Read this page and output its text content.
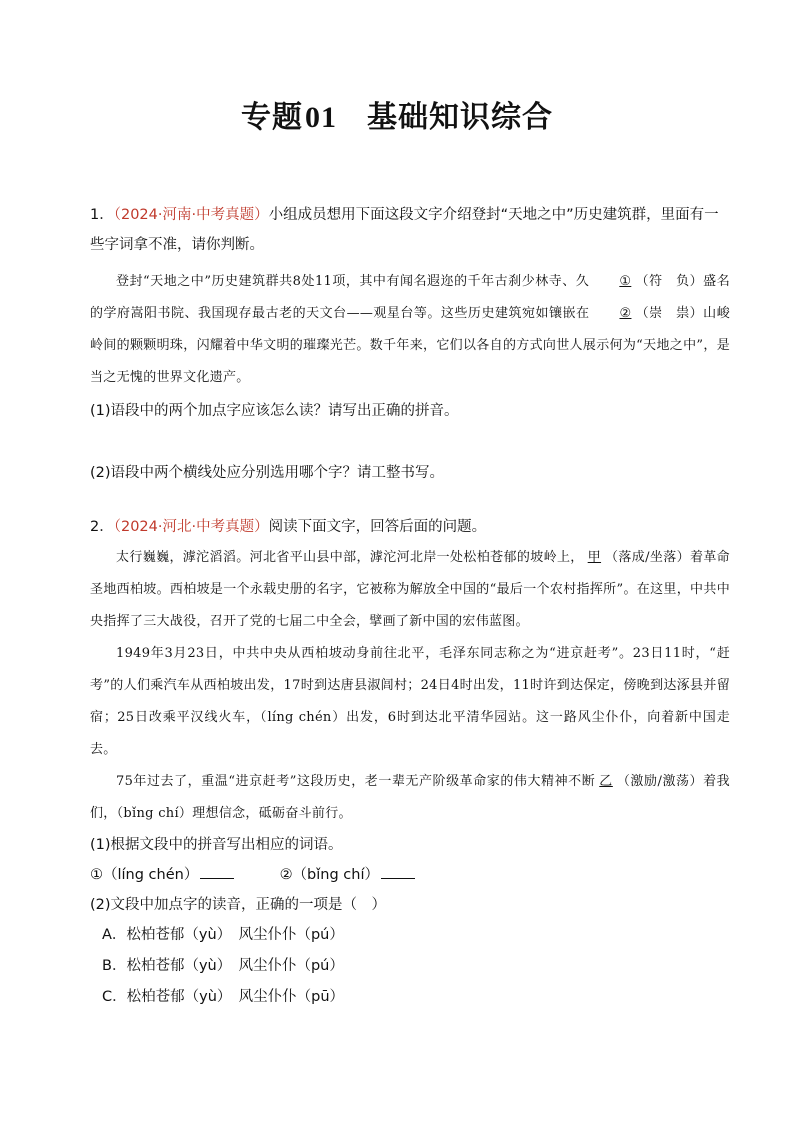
专题01 基础知识综合

1．（2024·河南·中考真题）小组成员想用下面这段文字介绍登封“天地之中”历史建筑群，里面有一些字词拿不准，请你判断。

登封“天地之中”历史建筑群共8处11项，其中有闻名遐迩的千年古刹少林寺、久 ① （符　负）盛名的学府嵩阳书院、我国现存最古老的天文台——观星台等。这些历史建筑宛如镶嵌在 ② （崇　祟）山峻岭间的颗颗明珠，闪耀着中华文明的璀璨光芒。数千年来，它们以各自的方式向世人展示何为“天地之中”，是当之无愧的世界文化遗产。

(1)语段中的两个加点字应该怎么读？请写出正确的拼音。

(2)语段中两个横线处应分别选用哪个字？请工整书写。

2．（2024·河北·中考真题）阅读下面文字，回答后面的问题。

太行巍巍，滹沱滔滔。河北省平山县中部，滹沱河北岸一处松柏苍郁的坡岭上， 甲 （落成/坐落）着革命圣地西柏坡。西柏坡是一个永载史册的名字，它被称为解放全中国的“最后一个农村指挥所”。在这里，中共中央指挥了三大战役，召开了党的七届二中全会，擘画了新中国的宏伟蓝图。

1949年3月23日，中共中央从西柏坡动身前往北平，毛泽东同志称之为“进京赶考”。23日11时，“赶考”的人们乘汽车从西柏坡出发，17时到达唐县淑闾村；24日4时出发，11时许到达保定，傍晚到达涿县并留宿；25日改乘平汉线火车，（líng chén）出发，6时到达北平清华园站。这一路风尘仆仆，向着新中国走去。

75年过去了，重温“进京赶考”这段历史，老一辈无产阶级革命家的伟大精神不断 乙 （激励/激荡）着我们，（bǐng chí）理想信念，砥砺奋斗前行。

(1)根据文段中的拼音写出相应的词语。

①（líng chén）	②（bǐng chí）

(2)文段中加点字的读音，正确的一项是（　）

A．松柏苍郁（yù）　风尘仆仆（pú）

B．松柏苍郁（yù）　风尘仆仆（pú）

C．松柏苍郁（yù）　风尘仆仆（pū）
